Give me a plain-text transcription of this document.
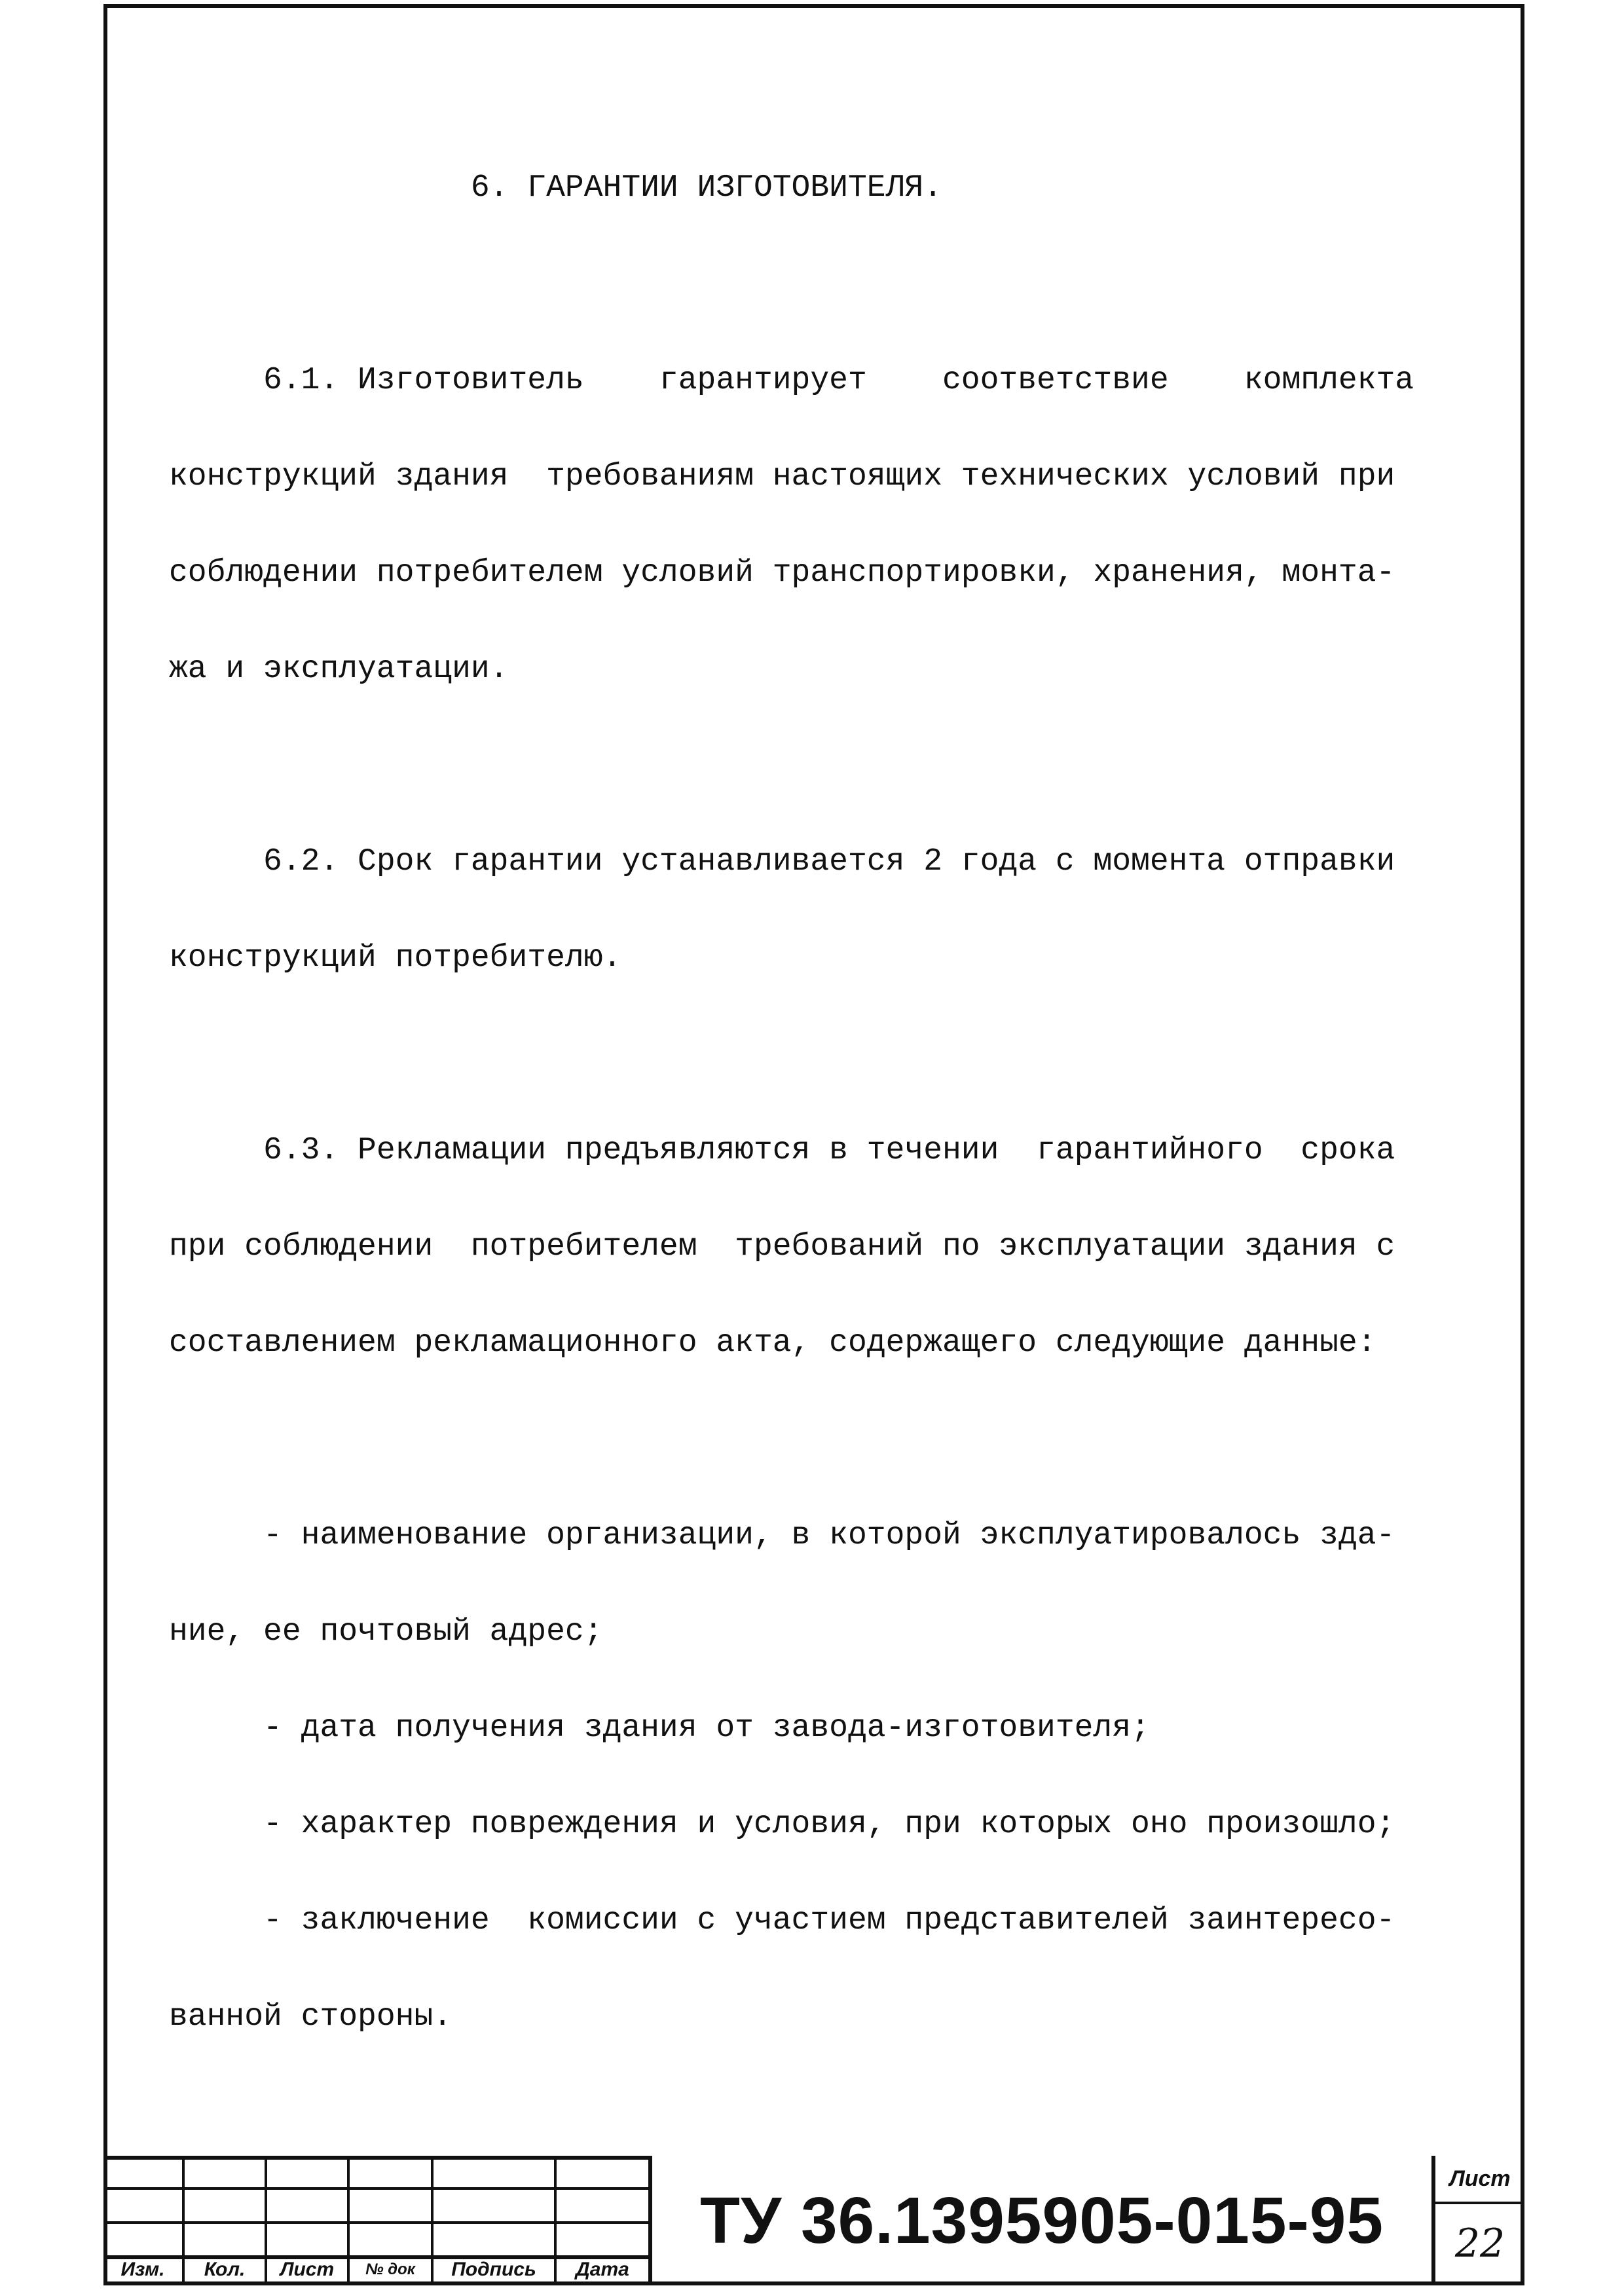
6. ГАРАНТИИ ИЗГОТОВИТЕЛЯ.

6.1. Изготовитель    гарантирует    соответствие    комплекта

конструкций здания  требованиям настоящих технических условий при

соблюдении потребителем условий транспортировки, хранения, монта-

жа и эксплуатации.

6.2. Срок гарантии устанавливается 2 года с момента отправки

конструкций потребителю.

6.3. Рекламации предъявляются в течении  гарантийного  срока

при соблюдении  потребителем  требований по эксплуатации здания с

составлением рекламационного акта, содержащего следующие данные:

- наименование организации, в которой эксплуатировалось зда-

ние, ее почтовый адрес;

- дата получения здания от завода-изготовителя;

- характер повреждения и условия, при которых оно произошло;

- заключение  комиссии с участием представителей заинтересо-

ванной стороны.

Изм.	Кол.	Лист	№ док	Подпись	Дата
ТУ 36.1395905-015-95
Лист
22
